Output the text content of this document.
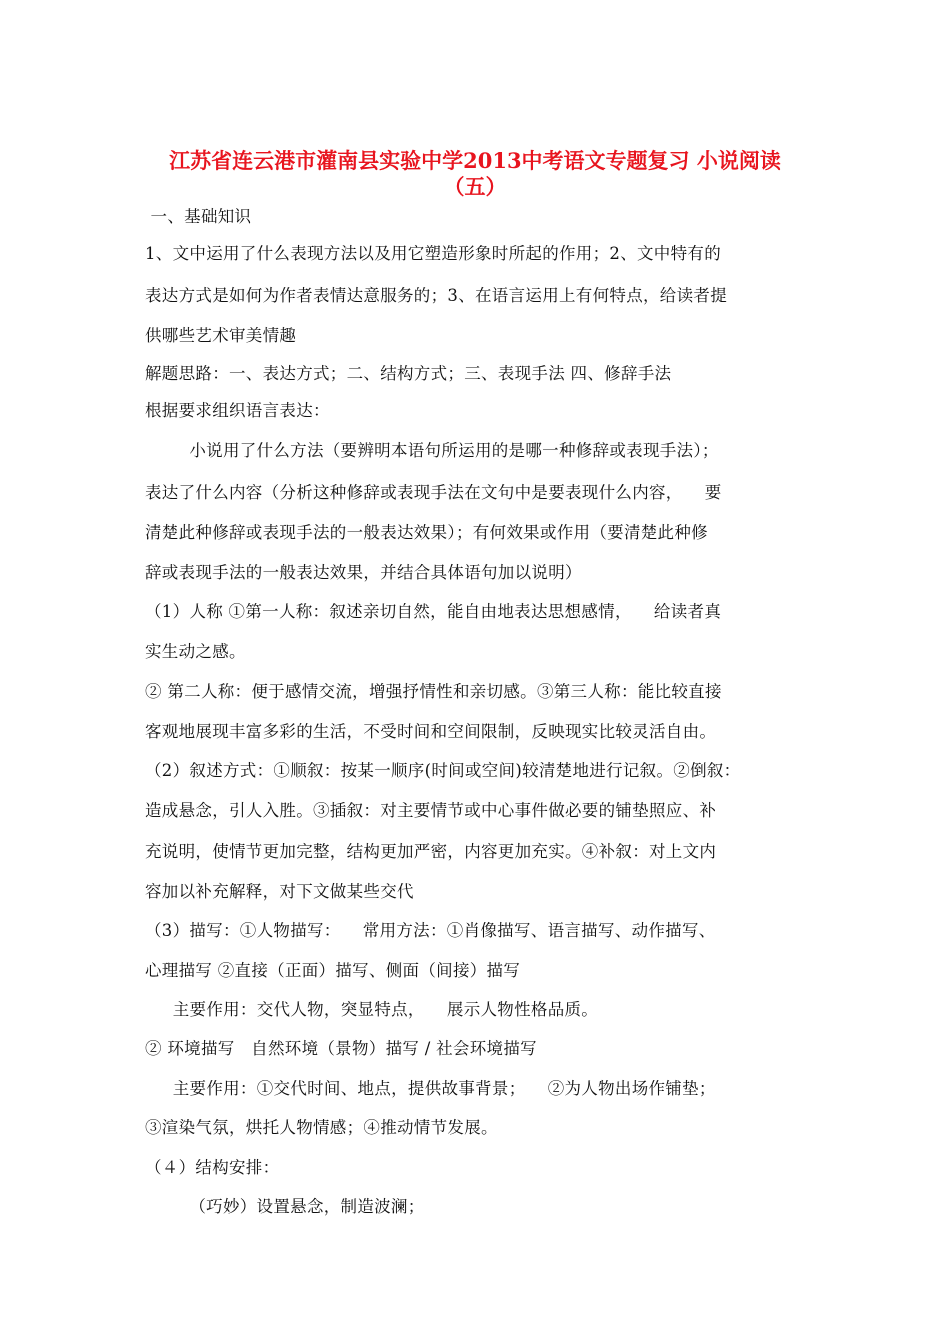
江苏省连云港市灌南县实验中学2013中考语文专题复习 小说阅读
（五）
一、基础知识
1、文中运用了什么表现方法以及用它塑造形象时所起的作用；2、文中特有的
表达方式是如何为作者表情达意服务的；3、在语言运用上有何特点，给读者提
供哪些艺术审美情趣
解题思路：一、表达方式；二、结构方式；三、表现手法 四、修辞手法
根据要求组织语言表达：
小说用了什么方法（要辨明本语句所运用的是哪一种修辞或表现手法）；
表达了什么内容（分析这种修辞或表现手法在文句中是要表现什么内容，    要
清楚此种修辞或表现手法的一般表达效果）；有何效果或作用（要清楚此种修
辞或表现手法的一般表达效果，并结合具体语句加以说明）
（1）人称 ①第一人称：叙述亲切自然，能自由地表达思想感情，    给读者真
实生动之感。
② 第二人称：便于感情交流，增强抒情性和亲切感。③第三人称：能比较直接
客观地展现丰富多彩的生活，不受时间和空间限制，反映现实比较灵活自由。
（2）叙述方式：①顺叙：按某一顺序(时间或空间)较清楚地进行记叙。②倒叙：
造成悬念，引人入胜。③插叙：对主要情节或中心事件做必要的铺垫照应、补
充说明，使情节更加完整，结构更加严密，内容更加充实。④补叙：对上文内
容加以补充解释，对下文做某些交代
（3）描写：①人物描写：    常用方法：①肖像描写、语言描写、动作描写、
心理描写 ②直接（正面）描写、侧面（间接）描写
主要作用：交代人物，突显特点，    展示人物性格品质。
② 环境描写   自然环境（景物）描写 / 社会环境描写
主要作用：①交代时间、地点，提供故事背景；    ②为人物出场作铺垫；
③渲染气氛，烘托人物情感；④推动情节发展。
（４）结构安排：
（巧妙）设置悬念，制造波澜；
